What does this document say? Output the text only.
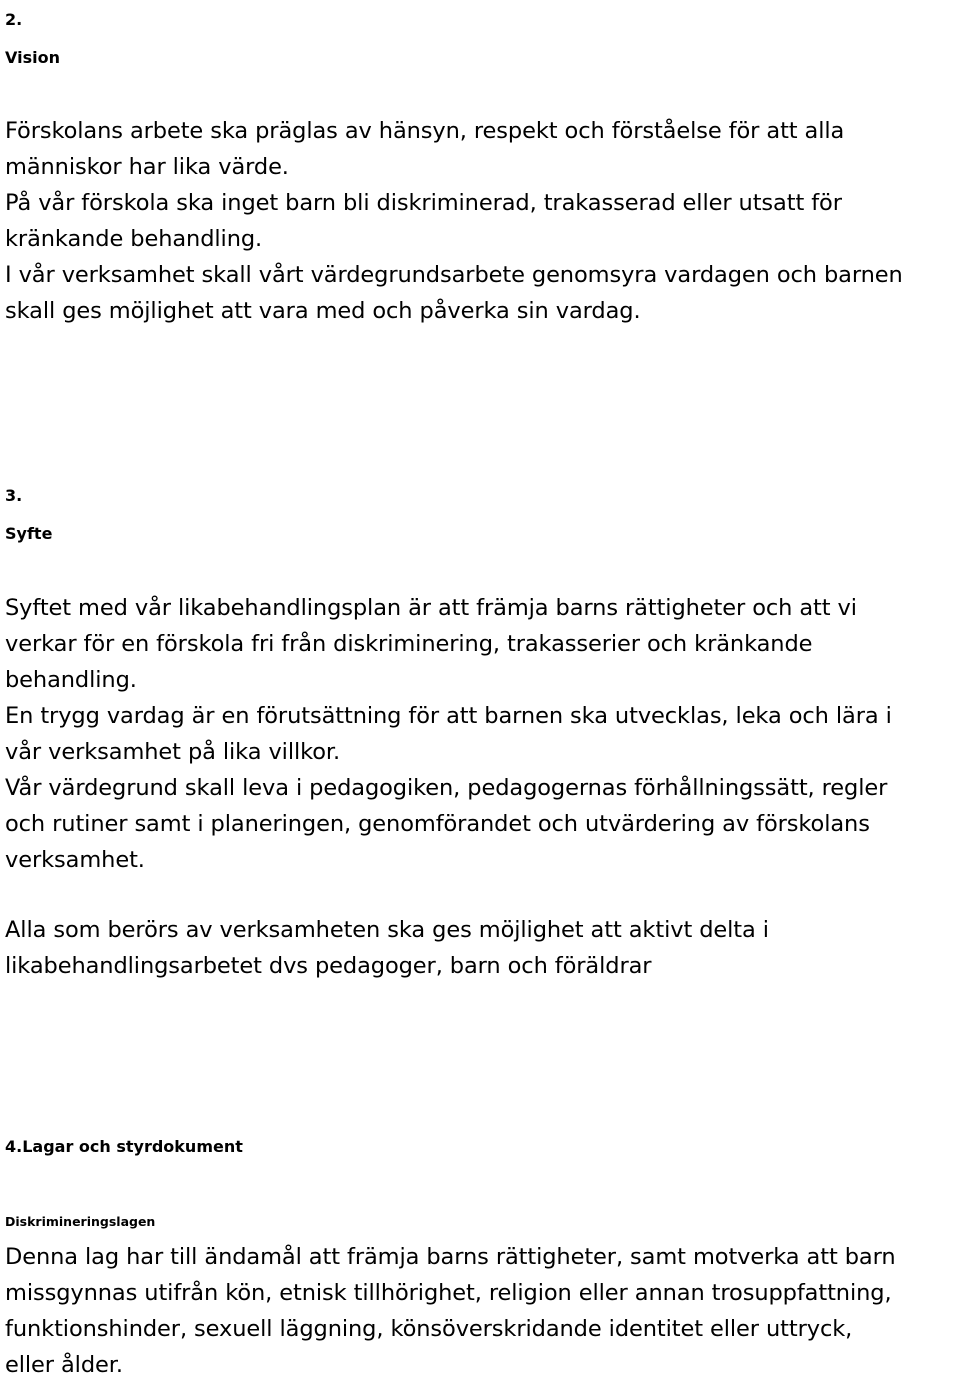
2.
Vision
Förskolans arbete ska präglas av hänsyn, respekt och förståelse för att alla
människor har lika värde.
På vår förskola ska inget barn bli diskriminerad, trakasserad eller utsatt för
kränkande behandling.
I vår verksamhet skall vårt värdegrundsarbete genomsyra vardagen och barnen
skall ges möjlighet att vara med och påverka sin vardag.
3.
Syfte
Syftet med vår likabehandlingsplan är att främja barns rättigheter och att vi
verkar för en förskola fri från diskriminering, trakasserier och kränkande
behandling.
En trygg vardag är en förutsättning för att barnen ska utvecklas, leka och lära i
vår verksamhet på lika villkor.
Vår värdegrund skall leva i pedagogiken, pedagogernas förhållningssätt, regler
och rutiner samt i planeringen, genomförandet och utvärdering av förskolans
verksamhet.
Alla som berörs av verksamheten ska ges möjlighet att aktivt delta i
likabehandlingsarbetet dvs pedagoger, barn och föräldrar
4.Lagar och styrdokument
Diskrimineringslagen
Denna lag har till ändamål att främja barns rättigheter, samt motverka att barn
missgynnas utifrån kön, etnisk tillhörighet, religion eller annan trosuppfattning,
funktionshinder, sexuell läggning, könsöverskridande identitet eller uttryck,
eller ålder.
